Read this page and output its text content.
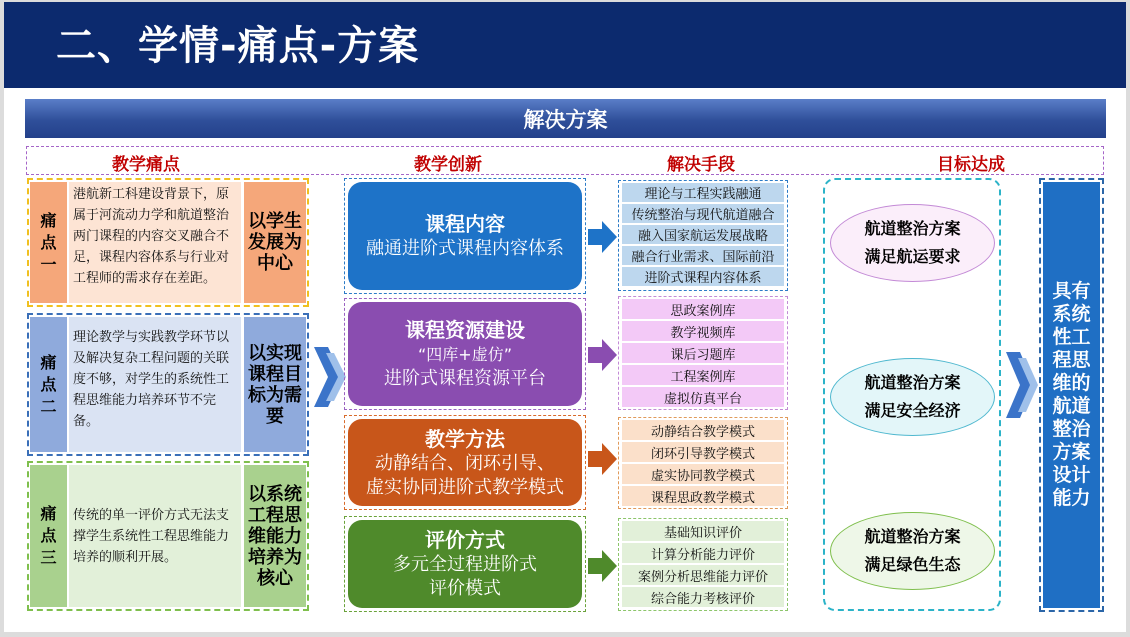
二、学情-痛点-方案
解决方案
教学痛点	教学创新	解决手段	目标达成
痛点一
港航新工科建设背景下，原属于河流动力学和航道整治两门课程的内容交叉融合不足，课程内容体系与行业对工程师的需求存在差距。
以学生发展为中心
痛点二
理论教学与实践教学环节以及解决复杂工程问题的关联度不够，对学生的系统性工程思维能力培养环节不完备。
以实现课程目标为需要
痛点三
传统的单一评价方式无法支撑学生系统性工程思维能力培养的顺利开展。
以系统工程思维能力培养为核心
课程内容
融通进阶式课程内容体系
课程资源建设
“四库+虚仿”
进阶式课程资源平台
教学方法
动静结合、闭环引导、
虚实协同进阶式教学模式
评价方式
多元全过程进阶式
评价模式
理论与工程实践融通
传统整治与现代航道融合
融入国家航运发展战略
融合行业需求、国际前沿
进阶式课程内容体系
思政案例库
教学视频库
课后习题库
工程案例库
虚拟仿真平台
动静结合教学模式
闭环引导教学模式
虚实协同教学模式
课程思政教学模式
基础知识评价
计算分析能力评价
案例分析思维能力评价
综合能力考核评价
航道整治方案
满足航运要求
航道整治方案
满足安全经济
航道整治方案
满足绿色生态
具有系统性工程思维的航道整治方案设计能力
